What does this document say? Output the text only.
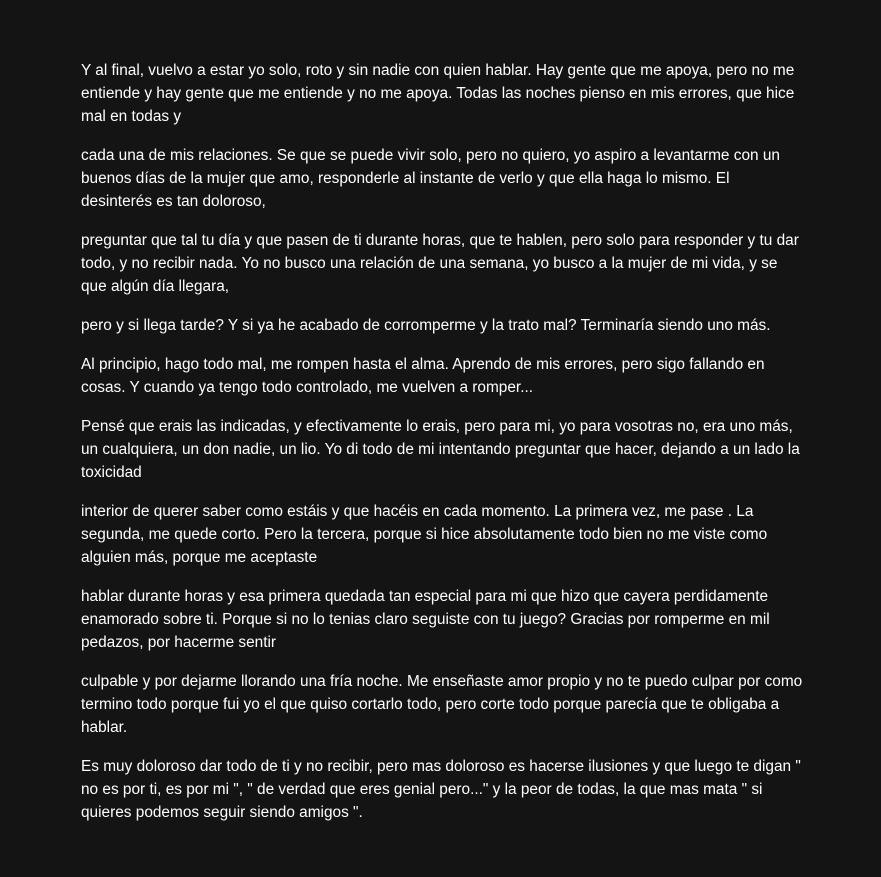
Y al final, vuelvo a estar yo solo, roto y sin nadie con quien hablar. Hay gente que me apoya, pero no me entiende y hay gente que me entiende y no me apoya. Todas las noches pienso en mis errores, que hice mal en todas y

cada una de mis relaciones. Se que se puede vivir solo, pero no quiero, yo aspiro a levantarme con un buenos días de la mujer que amo, responderle al instante de verlo y que ella haga lo mismo. El desinterés es tan doloroso,

preguntar que tal tu día y que pasen de ti durante horas, que te hablen, pero solo para responder y tu dar todo, y no recibir nada. Yo no busco una relación de una semana, yo busco a la mujer de mi vida, y se que algún día llegara,

pero y si llega tarde? Y si ya he acabado de corromperme y la trato mal? Terminaría siendo uno más.

Al principio, hago todo mal, me rompen hasta el alma. Aprendo de mis errores, pero sigo fallando en cosas. Y cuando ya tengo todo controlado, me vuelven a romper...

Pensé que erais las indicadas, y efectivamente lo erais, pero para mi, yo para vosotras no, era uno más, un cualquiera, un don nadie, un lio. Yo di todo de mi intentando preguntar que hacer, dejando a un lado la toxicidad

interior de querer saber como estáis y que hacéis en cada momento. La primera vez, me pase . La segunda, me quede corto. Pero la tercera, porque si hice absolutamente todo bien no me viste como alguien más, porque me aceptaste

hablar durante horas y esa primera quedada tan especial para mi que hizo que cayera perdidamente enamorado sobre ti. Porque si no lo tenias claro seguiste con tu juego? Gracias por romperme en mil pedazos, por hacerme sentir

culpable y por dejarme llorando una fría noche. Me enseñaste amor propio y no te puedo culpar por como termino todo porque fui yo el que quiso cortarlo todo, pero corte todo porque parecía que te obligaba a hablar.

Es muy doloroso dar todo de ti y no recibir, pero mas doloroso es hacerse ilusiones y que luego te digan " no es por ti, es por mi ", " de verdad que eres genial pero..." y la peor de todas, la que mas mata " si quieres podemos seguir siendo amigos ".
